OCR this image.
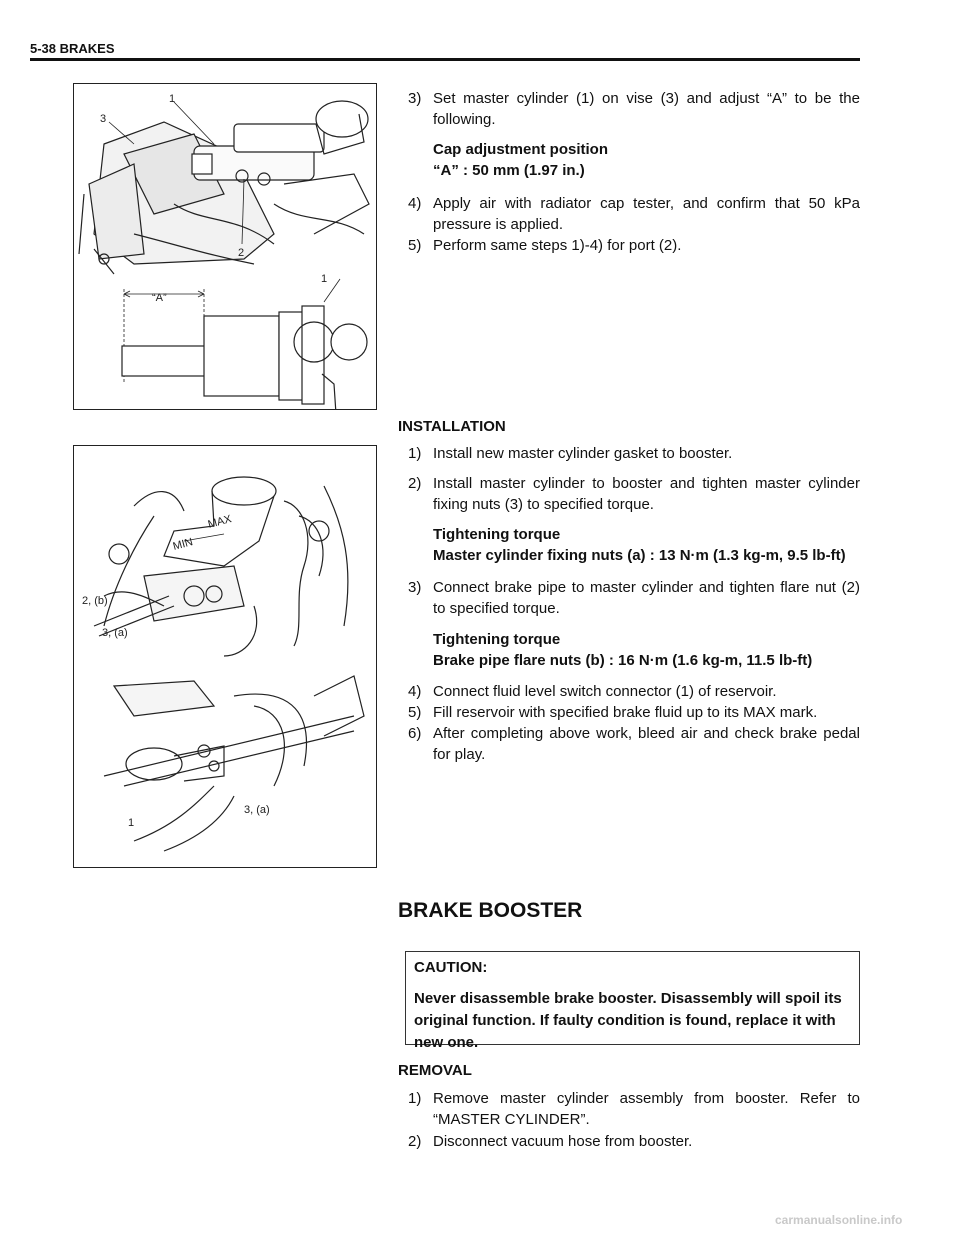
5-38 BRAKES
1
3
2
1
“A”
3) Set master cylinder (1) on vise (3) and adjust “A” to be the following.
Cap adjustment position
“A” : 50 mm (1.97 in.)
4) Apply air with radiator cap tester, and confirm that 50 kPa pressure is applied.
5) Perform same steps 1)-4) for port (2).
INSTALLATION
MAX
MIN
2, (b)
3, (a)
3, (a)
1
1) Install new master cylinder gasket to booster.
2) Install master cylinder to booster and tighten master cylinder fixing nuts (3) to specified torque.
Tightening torque
Master cylinder fixing nuts (a) : 13 N·m (1.3 kg-m, 9.5 lb-ft)
3) Connect brake pipe to master cylinder and tighten flare nut (2) to specified torque.
Tightening torque
Brake pipe flare nuts (b) : 16 N·m (1.6 kg-m, 11.5 lb-ft)
4) Connect fluid level switch connector (1) of reservoir.
5) Fill reservoir with specified brake fluid up to its MAX mark.
6) After completing above work, bleed air and check brake pedal for play.
BRAKE BOOSTER
CAUTION:
Never disassemble brake booster. Disassembly will spoil its original function. If faulty condition is found, replace it with new one.
REMOVAL
1) Remove master cylinder assembly from booster. Refer to “MASTER CYLINDER”.
2) Disconnect vacuum hose from booster.
carmanualsonline.info
